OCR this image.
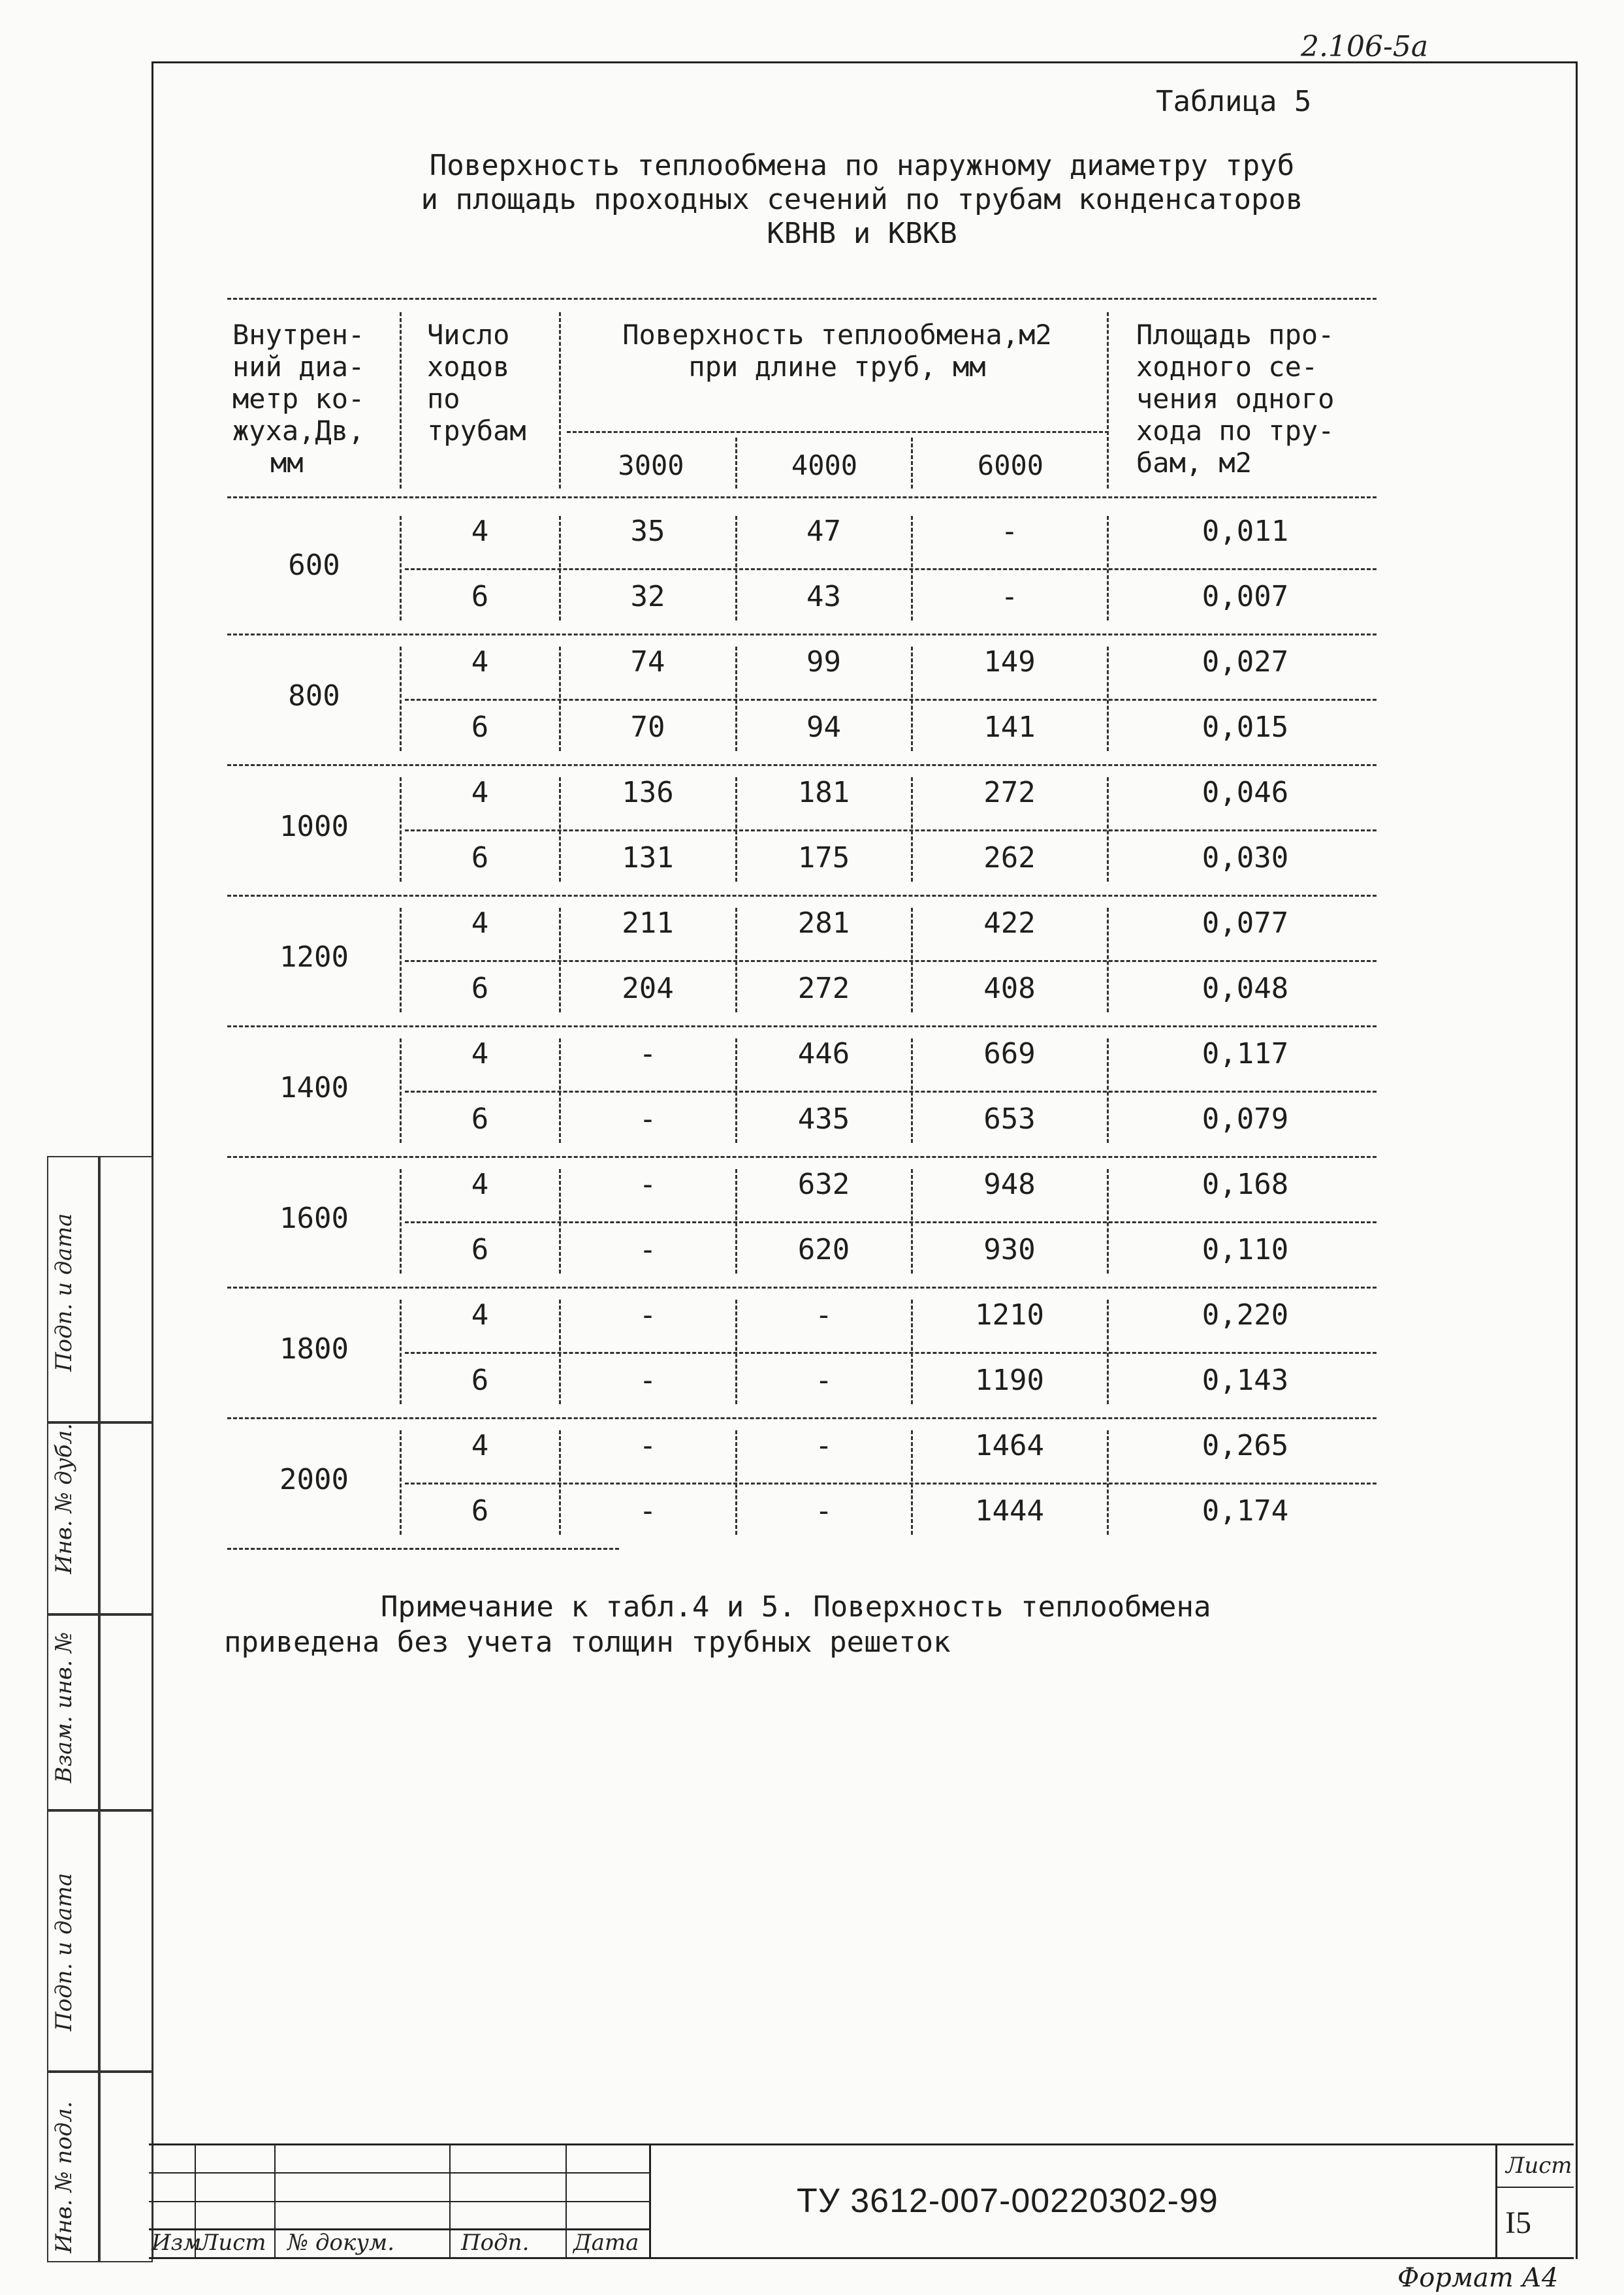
2.106-5a
Таблица 5
Поверхность теплообмена по наружному диаметру труб
и площадь проходных сечений по трубам конденсаторов
КВНВ и КВКВ
Внутрен-
ний диа-
метр ко-
жуха,Дв,
мм
Число
ходов
по
трубам
Поверхность теплообмена,м2
при длине труб, мм
3000	4000	6000
Площадь про-
ходного се-
чения одного
хода по тру-
бам, м2
600
4	35	47	-	0,011
6	32	43	-	0,007
800
4	74	99	149	0,027
6	70	94	141	0,015
1000
4	136	181	272	0,046
6	131	175	262	0,030
1200
4	211	281	422	0,077
6	204	272	408	0,048
1400
4	-	446	669	0,117
6	-	435	653	0,079
1600
4	-	632	948	0,168
6	-	620	930	0,110
1800
4	-	-	1210	0,220
6	-	-	1190	0,143
2000
4	-	-	1464	0,265
6	-	-	1444	0,174
Примечание к табл.4 и 5. Поверхность теплообмена
приведена без учета толщин трубных решеток
Подп. и дата
Инв. № дубл.
Взам. инв. №
Подп. и дата
Инв. № подл.	Изм
Лист № докум.	Подп. Дата
ТУ 3612-007-00220302-99
Лист
I5
Формат А4
